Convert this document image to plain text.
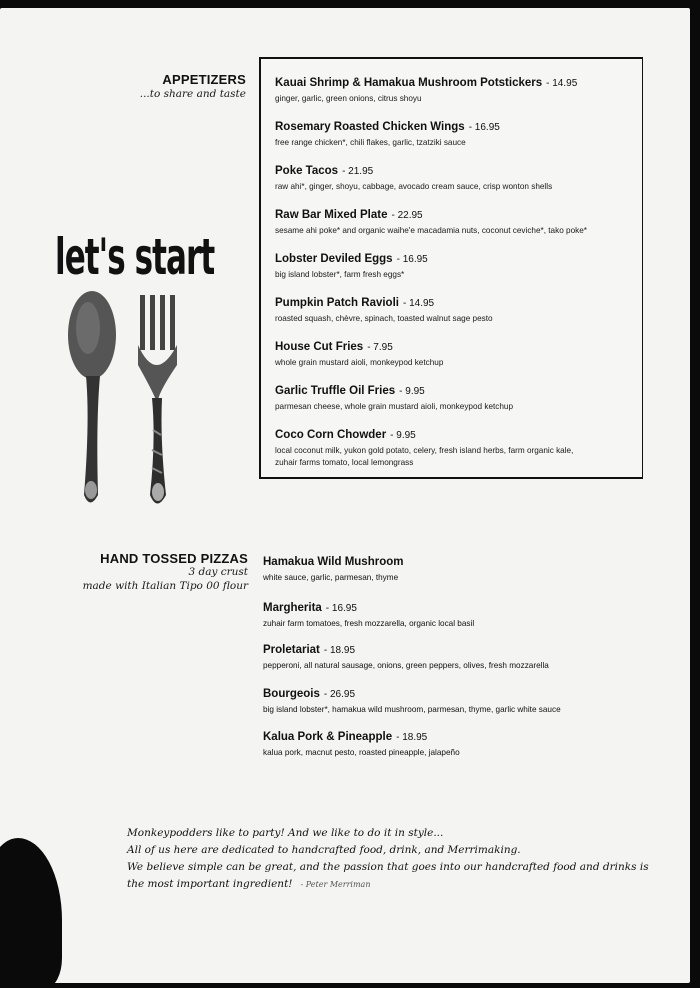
APPETIZERS
...to share and taste
Kauai Shrimp & Hamakua Mushroom Potstickers - 14.95
ginger, garlic, green onions, citrus shoyu
Rosemary Roasted Chicken Wings - 16.95
free range chicken*, chili flakes, garlic, tzatziki sauce
Poke Tacos - 21.95
raw ahi*, ginger, shoyu, cabbage, avocado cream sauce, crisp wonton shells
Raw Bar Mixed Plate - 22.95
sesame ahi poke* and organic waihe'e macadamia nuts, coconut ceviche*, tako poke*
Lobster Deviled Eggs - 16.95
big island lobster*, farm fresh eggs*
Pumpkin Patch Ravioli - 14.95
roasted squash, chèvre, spinach, toasted walnut sage pesto
House Cut Fries - 7.95
whole grain mustard aioli, monkeypod ketchup
Garlic Truffle Oil Fries - 9.95
parmesan cheese, whole grain mustard aioli, monkeypod ketchup
Coco Corn Chowder - 9.95
local coconut milk, yukon gold potato, celery, fresh island herbs, farm organic kale,
zuhair farms tomato, local lemongrass
let's start
HAND TOSSED PIZZAS
3 day crust
made with Italian Tipo 00 flour
Hamakua Wild Mushroom
white sauce, garlic, parmesan, thyme
Margherita - 16.95
zuhair farm tomatoes, fresh mozzarella, organic local basil
Proletariat - 18.95
pepperoni, all natural sausage, onions, green peppers, olives, fresh mozzarella
Bourgeois - 26.95
big island lobster*, hamakua wild mushroom, parmesan, thyme, garlic white sauce
Kalua Pork & Pineapple - 18.95
kalua pork, macnut pesto, roasted pineapple, jalapeño
Monkeypodders like to party! And we like to do it in style...
All of us here are dedicated to handcrafted food, drink, and Merrimaking.
We believe simple can be great, and the passion that goes into our handcrafted food and drinks is
the most important ingredient! - Peter Merriman
